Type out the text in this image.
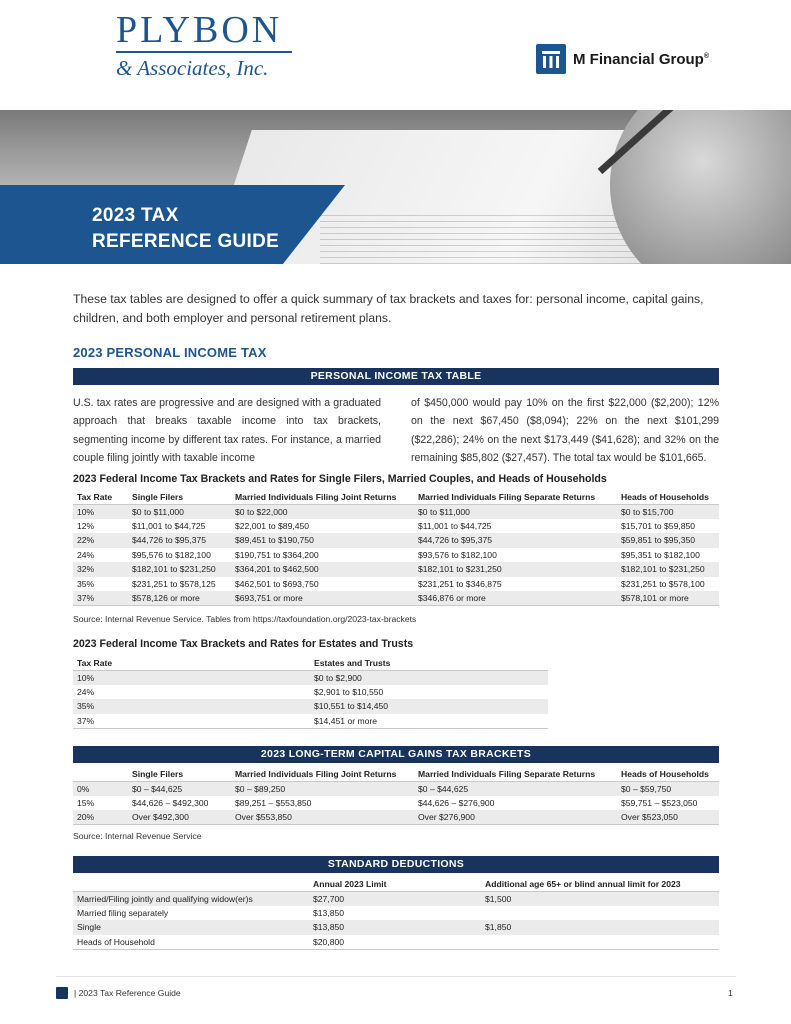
PLYBON
& Associates, Inc.	M Financial Group®
2023 TAX
REFERENCE GUIDE

These tax tables are designed to offer a quick summary of tax brackets and taxes for: personal income, capital gains, children, and both employer and personal retirement plans.

2023 PERSONAL INCOME TAX
PERSONAL INCOME TAX TABLE

U.S. tax rates are progressive and are designed with a graduated approach that breaks taxable income into tax brackets, segmenting income by different tax rates. For instance, a married couple filing jointly with taxable income

of $450,000 would pay 10% on the first $22,000 ($2,200); 12% on the next $67,450 ($8,094); 22% on the next $101,299 ($22,286); 24% on the next $173,449 ($41,628); and 32% on the remaining $85,802 ($27,457). The total tax would be $101,665.

2023 Federal Income Tax Brackets and Rates for Single Filers, Married Couples, and Heads of Households
Tax Rate	Single Filers	Married Individuals Filing Joint Returns	Married Individuals Filing Separate Returns	Heads of Households
10%	$0 to $11,000	$0 to $22,000	$0 to $11,000	$0 to $15,700
12%	$11,001 to $44,725	$22,001 to $89,450	$11,001 to $44,725	$15,701 to $59,850
22%	$44,726 to $95,375	$89,451 to $190,750	$44,726 to $95,375	$59,851 to $95,350
24%	$95,576 to $182,100	$190,751 to $364,200	$93,576 to $182,100	$95,351 to $182,100
32%	$182,101 to $231,250	$364,201 to $462,500	$182,101 to $231,250	$182,101 to $231,250
35%	$231,251 to $578,125	$462,501 to $693,750	$231,251 to $346,875	$231,251 to $578,100
37%	$578,126 or more	$693,751 or more	$346,876 or more	$578,101 or more
Source: Internal Revenue Service. Tables from https://taxfoundation.org/2023-tax-brackets
2023 Federal Income Tax Brackets and Rates for Estates and Trusts
Tax Rate	Estates and Trusts
10%	$0 to $2,900
24%	$2,901 to $10,550
35%	$10,551 to $14,450
37%	$14,451 or more
2023 LONG-TERM CAPITAL GAINS TAX BRACKETS
	Single Filers	Married Individuals Filing Joint Returns	Married Individuals Filing Separate Returns	Heads of Households
0%	$0 – $44,625	$0 – $89,250	$0 – $44,625	$0 – $59,750
15%	$44,626 – $492,300	$89,251 – $553,850	$44,626 – $276,900	$59,751 – $523,050
20%	Over $492,300	Over $553,850	Over $276,900	Over $523,050
Source: Internal Revenue Service
STANDARD DEDUCTIONS
	Annual 2023 Limit	Additional age 65+ or blind annual limit for 2023
Married/Filing jointly and qualifying widow(er)s	$27,700	$1,500
Married filing separately	$13,850	
Single	$13,850	$1,850
Heads of Household	$20,800	
| 2023 Tax Reference Guide	1
